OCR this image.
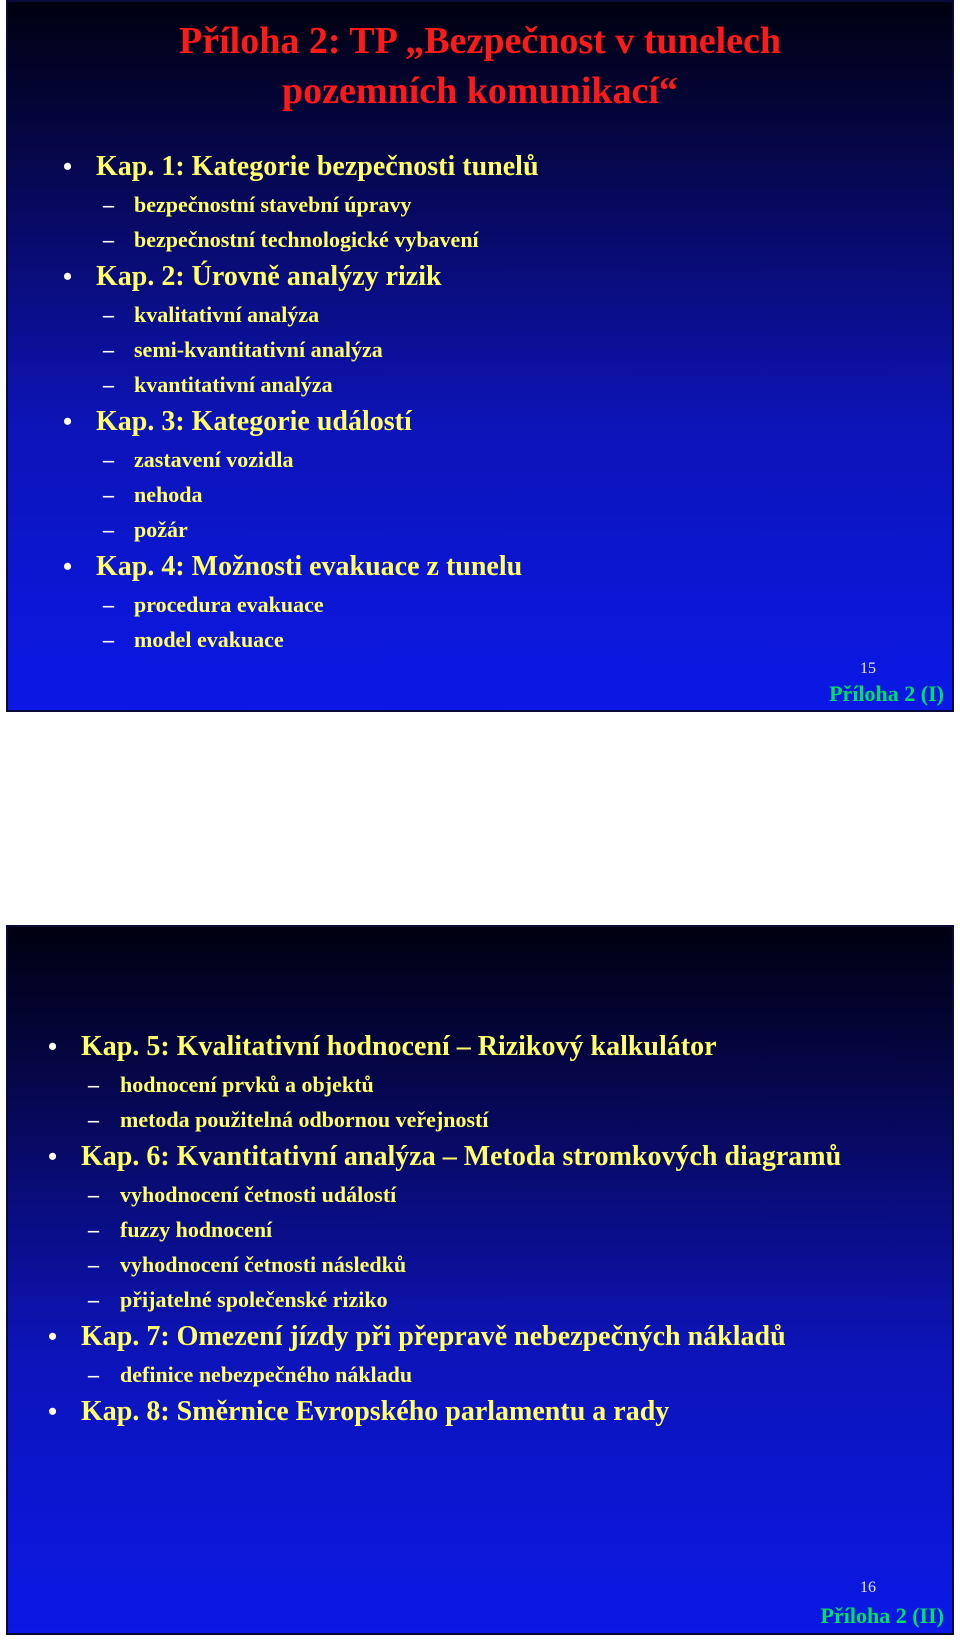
Příloha 2: TP „Bezpečnost v tunelech
pozemních komunikací“
• Kap. 1: Kategorie bezpečnosti tunelů
– bezpečnostní stavební úpravy
– bezpečnostní technologické vybavení
• Kap. 2: Úrovně analýzy rizik
– kvalitativní analýza
– semi-kvantitativní analýza
– kvantitativní analýza
• Kap. 3: Kategorie událostí
– zastavení vozidla
– nehoda
– požár
• Kap. 4: Možnosti evakuace z tunelu
– procedura evakuace
– model evakuace
15
Příloha 2 (I)
• Kap. 5: Kvalitativní hodnocení – Rizikový kalkulátor
– hodnocení prvků a objektů
– metoda použitelná odbornou veřejností
• Kap. 6: Kvantitativní analýza – Metoda stromkových diagramů
– vyhodnocení četnosti událostí
– fuzzy hodnocení
– vyhodnocení četnosti následků
– přijatelné společenské riziko
• Kap. 7: Omezení jízdy při přepravě nebezpečných nákladů
– definice nebezpečného nákladu
• Kap. 8: Směrnice Evropského parlamentu a rady
16
Příloha 2 (II)
